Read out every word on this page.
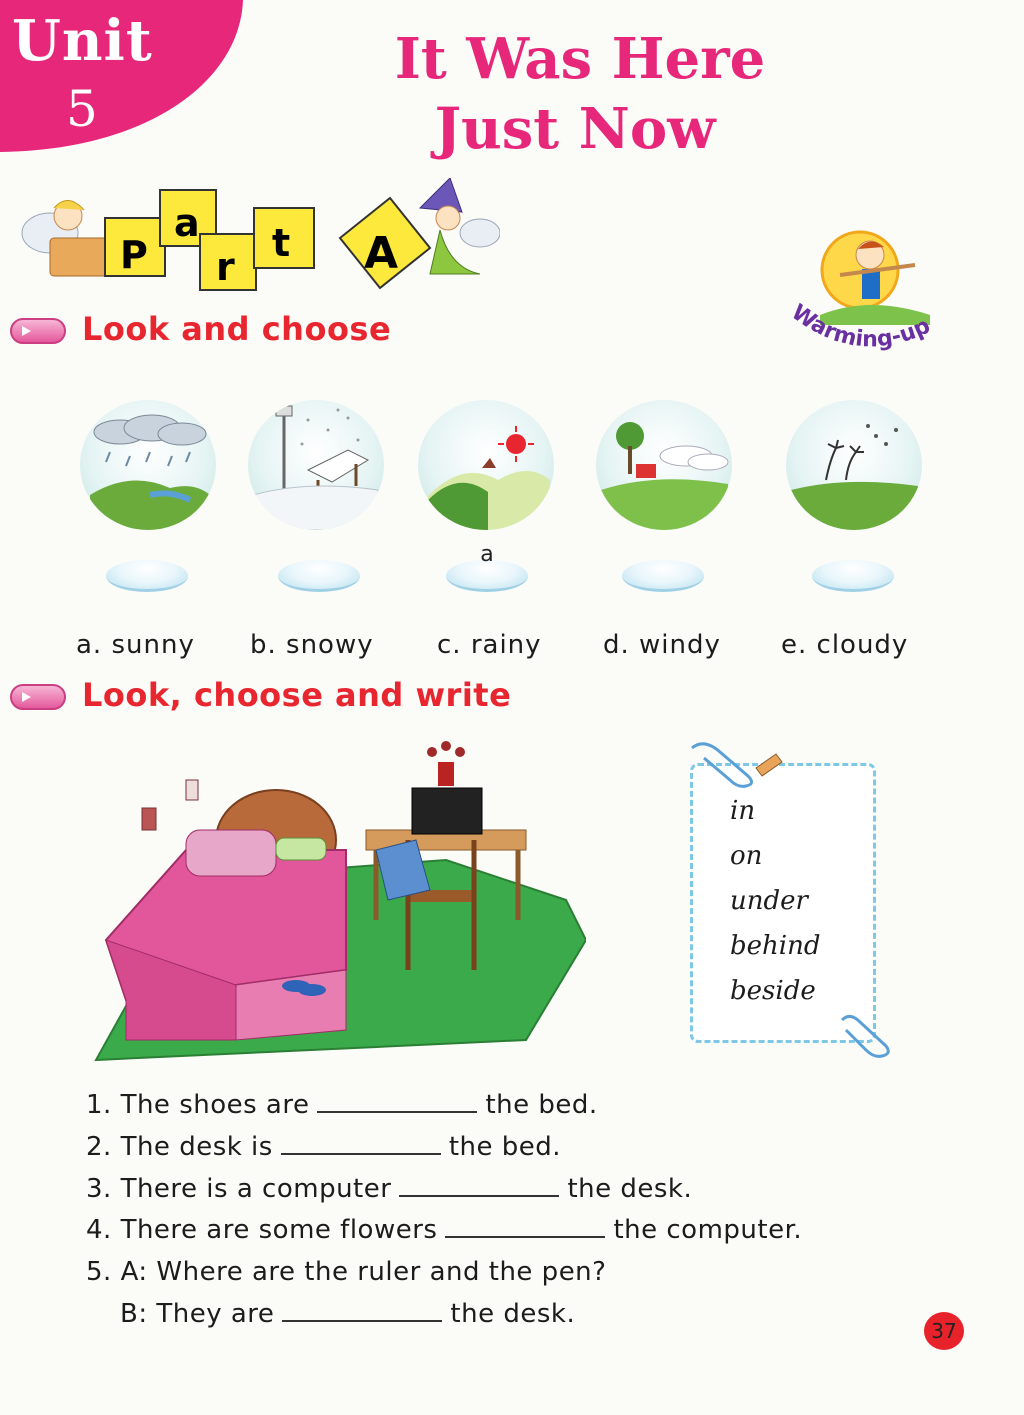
Unit
5
It Was Here
Just Now
P
a
r
t A
Warming-up
Look and choose
a
a. sunny b. snowy c. rainy d. windy e. cloudy
Look, choose and write
in
on
under
behind
beside
1. The shoes are	the bed.
2. The desk is	the bed.
3. There is a computer	the desk.
4. There are some flowers	the computer.
5. A: Where are the ruler and the pen?
B: They are	the desk.
37
